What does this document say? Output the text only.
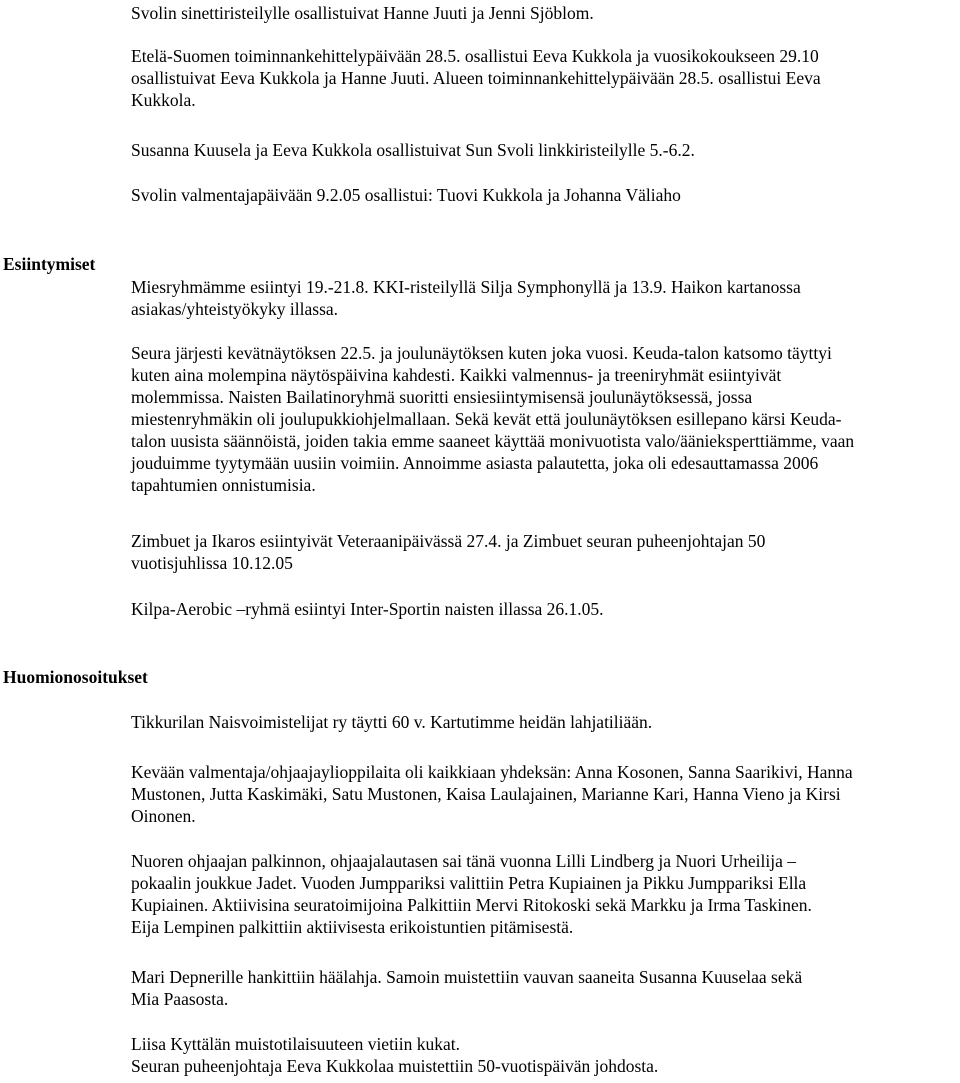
Svolin sinettiristeilylle osallistuivat Hanne Juuti ja Jenni Sjöblom.
Etelä-Suomen toiminnankehittelypäivään 28.5. osallistui Eeva Kukkola ja vuosikokoukseen 29.10
osallistuivat Eeva Kukkola ja Hanne Juuti. Alueen toiminnankehittelypäivään 28.5. osallistui Eeva
Kukkola.
Susanna Kuusela ja Eeva Kukkola osallistuivat Sun Svoli linkkiristeilylle 5.-6.2.
Svolin valmentajapäivään 9.2.05 osallistui: Tuovi Kukkola ja Johanna Väliaho
Esiintymiset
Miesryhmämme esiintyi 19.-21.8. KKI-risteilyllä Silja Symphonyllä ja 13.9. Haikon kartanossa
asiakas/yhteistyökyky illassa.
Seura järjesti kevätnäytöksen 22.5. ja joulunäytöksen kuten joka vuosi. Keuda-talon katsomo täyttyi
kuten aina molempina näytöspäivina kahdesti. Kaikki valmennus- ja treeniryhmät esiintyivät
molemmissa. Naisten Bailatinoryhmä suoritti ensiesiintymisensä joulunäytöksessä, jossa
miestenryhmäkin oli joulupukkiohjelmallaan. Sekä kevät että joulunäytöksen esillepano kärsi Keuda-
talon uusista säännöistä, joiden takia emme saaneet käyttää monivuotista valo/äänieksperttiämme, vaan
jouduimme tyytymään uusiin voimiin. Annoimme asiasta palautetta, joka oli edesauttamassa 2006
tapahtumien onnistumisia.
Zimbuet ja Ikaros esiintyivät Veteraanipäivässä 27.4. ja Zimbuet seuran puheenjohtajan 50
vuotisjuhlissa 10.12.05
Kilpa-Aerobic –ryhmä esiintyi Inter-Sportin naisten illassa 26.1.05.
Huomionosoitukset
Tikkurilan Naisvoimistelijat ry täytti 60 v. Kartutimme heidän lahjatiliään.
Kevään valmentaja/ohjaajaylioppilaita oli kaikkiaan yhdeksän: Anna Kosonen, Sanna Saarikivi, Hanna
Mustonen, Jutta Kaskimäki, Satu Mustonen, Kaisa Laulajainen, Marianne Kari, Hanna Vieno ja Kirsi
Oinonen.
Nuoren ohjaajan palkinnon, ohjaajalautasen sai tänä vuonna Lilli Lindberg ja Nuori Urheilija –
pokaalin joukkue Jadet. Vuoden Jumppariksi valittiin Petra Kupiainen ja Pikku Jumppariksi Ella
Kupiainen. Aktiivisina seuratoimijoina Palkittiin Mervi Ritokoski sekä Markku ja Irma Taskinen.
Eija Lempinen palkittiin aktiivisesta erikoistuntien pitämisestä.
Mari Depnerille hankittiin häälahja. Samoin muistettiin vauvan saaneita Susanna Kuuselaa sekä
Mia Paasosta.
Liisa Kyttälän muistotilaisuuteen vietiin kukat.
Seuran puheenjohtaja Eeva Kukkolaa muistettiin 50-vuotispäivän johdosta.
